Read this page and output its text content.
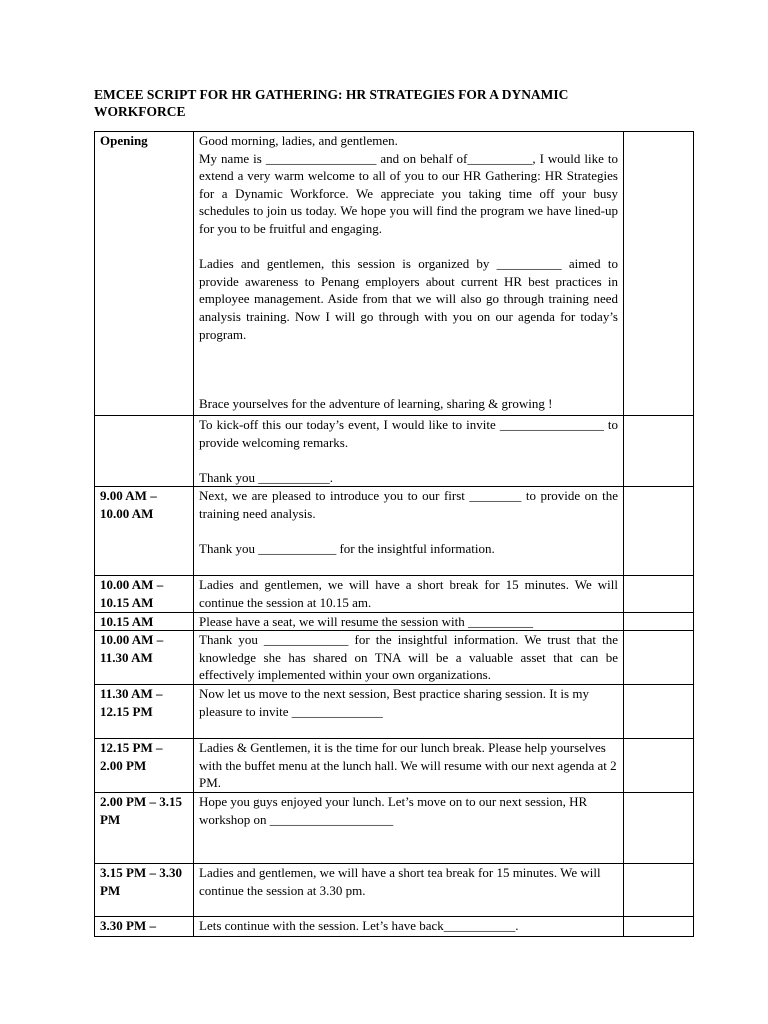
EMCEE SCRIPT FOR HR GATHERING: HR STRATEGIES FOR A DYNAMIC WORKFORCE
Opening	Good morning, ladies, and gentlemen.

My name is _________________ and on behalf of__________, I would like to extend a very warm welcome to all of you to our HR Gathering: HR Strategies for a Dynamic Workforce. We appreciate you taking time off your busy schedules to join us today. We hope you will find the program we have lined-up for you to be fruitful and engaging.

Ladies and gentlemen, this session is organized by __________ aimed to provide awareness to Penang employers about current HR best practices in employee management. Aside from that we will also go through training need analysis training. Now I will go through with you on our agenda for today’s program.

Brace yourselves for the adventure of learning, sharing & growing !	

	To kick-off this our today’s event, I would like to invite ________________ to provide welcoming remarks.

Thank you ___________.	

9.00 AM – 10.00 AM	Next, we are pleased to introduce you to our first ________ to provide on the training need analysis.

Thank you ____________ for the insightful information.	

10.00 AM – 10.15 AM	Ladies and gentlemen, we will have a short break for 15 minutes. We will continue the session at 10.15 am.	

10.15 AM	Please have a seat, we will resume the session with __________	

10.00 AM – 11.30 AM	Thank you _____________ for the insightful information. We trust that the knowledge she has shared on TNA will be a valuable asset that can be effectively implemented within your own organizations.	

11.30 AM – 12.15 PM	Now let us move to the next session, Best practice sharing session. It is my pleasure to invite ______________	

12.15 PM – 2.00 PM	Ladies & Gentlemen, it is the time for our lunch break. Please help yourselves with the buffet menu at the lunch hall. We will resume with our next agenda at 2 PM.	

2.00 PM – 3.15 PM	Hope you guys enjoyed your lunch. Let’s move on to our next session, HR workshop on ___________________	

3.15 PM – 3.30 PM	Ladies and gentlemen, we will have a short tea break for 15 minutes. We will continue the session at 3.30 pm.	

3.30 PM –	Lets continue with the session. Let’s have back___________.	
